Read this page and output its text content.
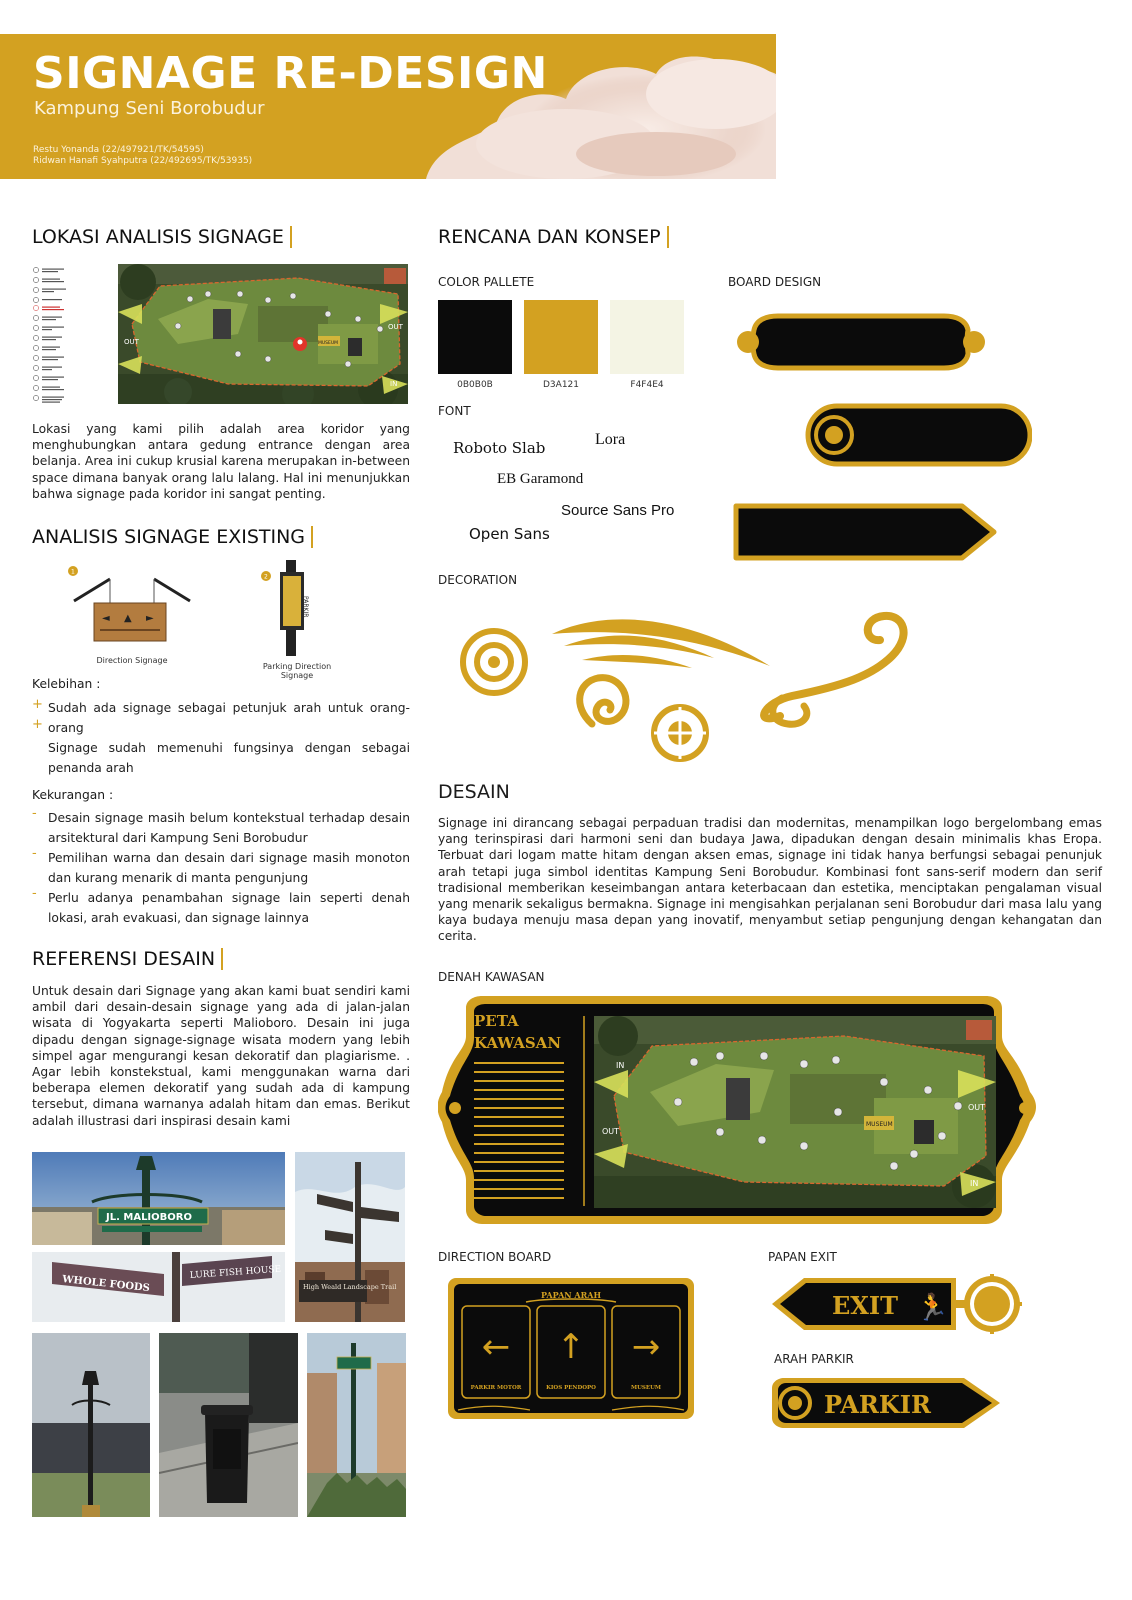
SIGNAGE RE-DESIGN
Kampung Seni Borobudur
Restu Yonanda (22/497921/TK/54595)
Ridwan Hanafi Syahputra (22/492695/TK/53935)
LOKASI ANALISIS SIGNAGE
OUT	MUSEUM
OUT
IN

Lokasi yang kami pilih adalah area koridor yang menghubungkan antara gedung entrance dengan area belanja. Area ini cukup krusial karena merupakan in-between space dimana banyak orang lalu lalang. Hal ini menunjukkan bahwa signage pada koridor ini sangat penting.

ANALISIS SIGNAGE EXISTING
1
◄ ▲ ►
Direction Signage
2
PARKIR
Parking Direction Signage
Kelebihan :
+
+

Sudah ada signage sebagai petunjuk arah untuk orang-orang

Signage sudah memenuhi fungsinya dengan sebagai penanda arah

Kekurangan :
-
-
-

Desain signage masih belum kontekstual terhadap desain arsitektural dari Kampung Seni Borobudur

Pemilihan warna dan desain dari signage masih monoton dan kurang menarik di manta pengunjung

Perlu adanya penambahan signage lain seperti denah lokasi, arah evakuasi, dan signage lainnya

REFERENSI DESAIN

Untuk desain dari Signage yang akan kami buat sendiri kami ambil dari desain-desain signage yang ada di jalan-jalan wisata di Yogyakarta seperti Malioboro. Desain ini juga dipadu dengan signage-signage wisata modern yang lebih simpel agar mengurangi kesan dekoratif dan plagiarisme. . Agar lebih konstekstual, kami menggunakan warna dari beberapa elemen dekoratif yang sudah ada di kampung tersebut, dimana warnanya adalah hitam dan emas. Berikut adalah illustrasi dari inspirasi desain kami

JL. MALIOBORO
WHOLE FOODS
LURE FISH HOUSE
High Weald Landscape Trail
RENCANA DAN KONSEP
COLOR PALLETE
0B0B0B	D3A121	F4F4E4
FONT
Roboto Slab	Lora
EB Garamond
Source Sans Pro
Open Sans
DECORATION
BOARD DESIGN
DESAIN

Signage ini dirancang sebagai perpaduan tradisi dan modernitas, menampilkan logo bergelombang emas yang terinspirasi dari harmoni seni dan budaya Jawa, dipadukan dengan desain minimalis khas Eropa. Terbuat dari logam matte hitam dengan aksen emas, signage ini tidak hanya berfungsi sebagai penunjuk arah tetapi juga simbol identitas Kampung Seni Borobudur. Kombinasi font sans-serif modern dan serif tradisional memberikan keseimbangan antara keterbacaan dan estetika, menciptakan pengalaman visual yang menarik sekaligus bermakna. Signage ini mengisahkan perjalanan seni Borobudur dari masa lalu yang kaya budaya menuju masa depan yang inovatif, menyambut setiap pengunjung dengan kehangatan dan cerita.

DENAH KAWASAN
PETA
KAWASAN
IN
OUT
OUT
IN
MUSEUM
DIRECTION BOARD
PAPAN ARAH
← ↑ →
PARKIR MOTOR	KIOS PENDOPO	MUSEUM
PAPAN EXIT
EXIT 🏃
ARAH PARKIR
PARKIR
